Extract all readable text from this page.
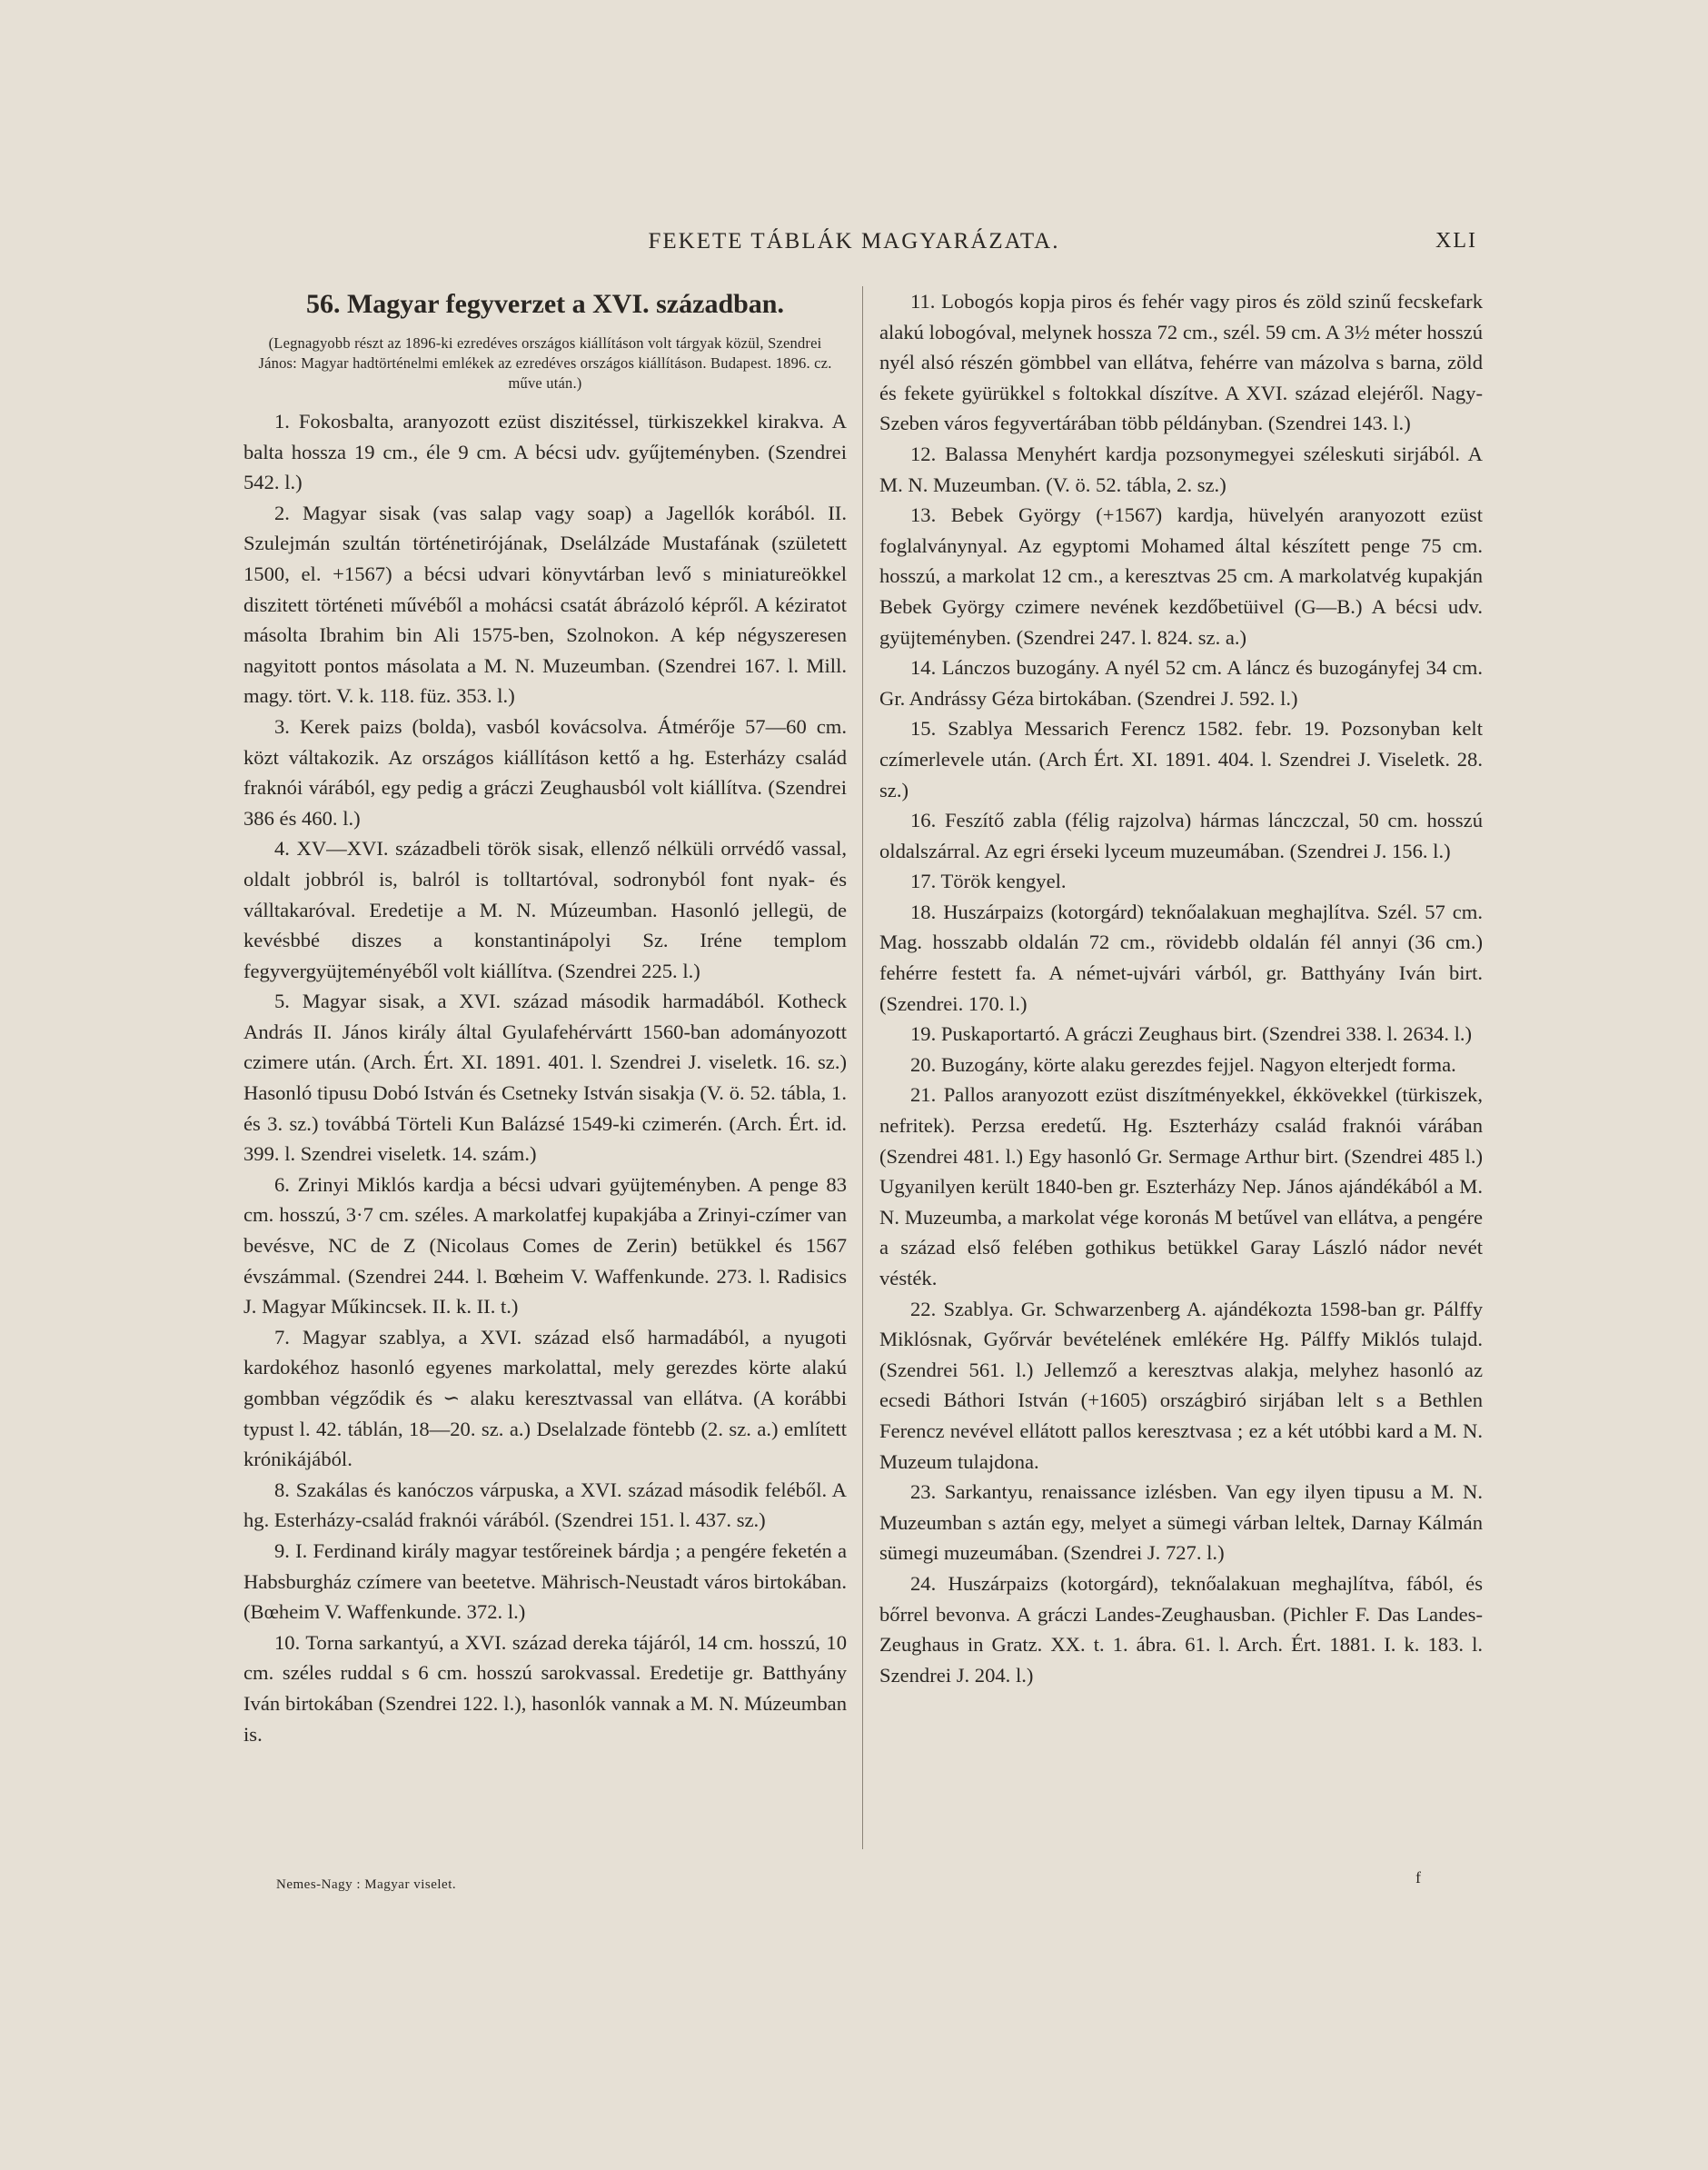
FEKETE TÁBLÁK MAGYARÁZATA.	XLI
56. Magyar fegyverzet a XVI. században.
(Legnagyobb részt az 1896-ki ezredéves országos kiállításon volt tárgyak közül, Szendrei János: Magyar hadtörténelmi emlékek az ezredéves országos kiállításon. Budapest. 1896. cz. műve után.)

1. Fokosbalta, aranyozott ezüst diszitéssel, türkiszekkel kirakva. A balta hossza 19 cm., éle 9 cm. A bécsi udv. gyűjteményben. (Szendrei 542. l.)

2. Magyar sisak (vas salap vagy soap) a Jagellók korából. II. Szulejmán szultán történetirójának, Dselálzáde Mustafának (született 1500, el. +1567) a bécsi udvari könyvtárban levő s miniatureökkel diszitett történeti művéből a mohácsi csatát ábrázoló képről. A kéziratot másolta Ibrahim bin Ali 1575-ben, Szolnokon. A kép négyszeresen nagyitott pontos másolata a M. N. Muzeumban. (Szendrei 167. l. Mill. magy. tört. V. k. 118. füz. 353. l.)

3. Kerek paizs (bolda), vasból kovácsolva. Átmérője 57—60 cm. közt váltakozik. Az országos kiállításon kettő a hg. Esterházy család fraknói várából, egy pedig a gráczi Zeughausból volt kiállítva. (Szendrei 386 és 460. l.)

4. XV—XVI. századbeli török sisak, ellenző nélküli orrvédő vassal, oldalt jobbról is, balról is tolltartóval, sodronyból font nyak- és válltakaróval. Eredetije a M. N. Múzeumban. Hasonló jellegü, de kevésbbé diszes a konstantinápolyi Sz. Iréne templom fegyvergyüjteményéből volt kiállítva. (Szendrei 225. l.)

5. Magyar sisak, a XVI. század második harmadából. Kotheck András II. János király által Gyulafehérvártt 1560-ban adományozott czimere után. (Arch. Ért. XI. 1891. 401. l. Szendrei J. viseletk. 16. sz.) Hasonló tipusu Dobó István és Csetneky István sisakja (V. ö. 52. tábla, 1. és 3. sz.) továbbá Törteli Kun Balázsé 1549-ki czimerén. (Arch. Ért. id. 399. l. Szendrei viseletk. 14. szám.)

6. Zrinyi Miklós kardja a bécsi udvari gyüjteményben. A penge 83 cm. hosszú, 3·7 cm. széles. A markolatfej kupakjába a Zrinyi-czímer van bevésve, NC de Z (Nicolaus Comes de Zerin) betükkel és 1567 évszámmal. (Szendrei 244. l. Bœheim V. Waffenkunde. 273. l. Radisics J. Magyar Műkincsek. II. k. II. t.)

7. Magyar szablya, a XVI. század első harmadából, a nyugoti kardokéhoz hasonló egyenes markolattal, mely gerezdes körte alakú gombban végződik és ∽ alaku keresztvassal van ellátva. (A korábbi typust l. 42. táblán, 18—20. sz. a.) Dselalzade föntebb (2. sz. a.) említett krónikájából.

8. Szakálas és kanóczos várpuska, a XVI. század második feléből. A hg. Esterházy-család fraknói várából. (Szendrei 151. l. 437. sz.)

9. I. Ferdinand király magyar testőreinek bárdja ; a pengére feketén a Habsburgház czímere van beetetve. Mährisch-Neustadt város birtokában. (Bœheim V. Waffenkunde. 372. l.)

10. Torna sarkantyú, a XVI. század dereka tájáról, 14 cm. hosszú, 10 cm. széles ruddal s 6 cm. hosszú sarokvassal. Eredetije gr. Batthyány Iván birtokában (Szendrei 122. l.), hasonlók vannak a M. N. Múzeumban is.

11. Lobogós kopja piros és fehér vagy piros és zöld szinű fecskefark alakú lobogóval, melynek hossza 72 cm., szél. 59 cm. A 3½ méter hosszú nyél alsó részén gömbbel van ellátva, fehérre van mázolva s barna, zöld és fekete gyürükkel s foltokkal díszítve. A XVI. század elejéről. Nagy-Szeben város fegyvertárában több példányban. (Szendrei 143. l.)

12. Balassa Menyhért kardja pozsonymegyei széleskuti sirjából. A M. N. Muzeumban. (V. ö. 52. tábla, 2. sz.)

13. Bebek György (+1567) kardja, hüvelyén aranyozott ezüst foglalványnyal. Az egyptomi Mohamed által készített penge 75 cm. hosszú, a markolat 12 cm., a keresztvas 25 cm. A markolatvég kupakján Bebek György czimere nevének kezdőbetüivel (G—B.) A bécsi udv. gyüjteményben. (Szendrei 247. l. 824. sz. a.)

14. Lánczos buzogány. A nyél 52 cm. A láncz és buzogányfej 34 cm. Gr. Andrássy Géza birtokában. (Szendrei J. 592. l.)

15. Szablya Messarich Ferencz 1582. febr. 19. Pozsonyban kelt czímerlevele után. (Arch Ért. XI. 1891. 404. l. Szendrei J. Viseletk. 28. sz.)

16. Feszítő zabla (félig rajzolva) hármas lánczczal, 50 cm. hosszú oldalszárral. Az egri érseki lyceum muzeumában. (Szendrei J. 156. l.)

17. Török kengyel.

18. Huszárpaizs (kotorgárd) teknőalakuan meghajlítva. Szél. 57 cm. Mag. hosszabb oldalán 72 cm., rövidebb oldalán fél annyi (36 cm.) fehérre festett fa. A német-ujvári várból, gr. Batthyány Iván birt. (Szendrei. 170. l.)

19. Puskaportartó. A gráczi Zeughaus birt. (Szendrei 338. l. 2634. l.)

20. Buzogány, körte alaku gerezdes fejjel. Nagyon elterjedt forma.

21. Pallos aranyozott ezüst diszítményekkel, ékkövekkel (türkiszek, nefritek). Perzsa eredetű. Hg. Eszterházy család fraknói várában (Szendrei 481. l.) Egy hasonló Gr. Sermage Arthur birt. (Szendrei 485 l.) Ugyanilyen került 1840-ben gr. Eszterházy Nep. János ajándékából a M. N. Muzeumba, a markolat vége koronás M betűvel van ellátva, a pengére a század első felében gothikus betükkel Garay László nádor nevét vésték.

22. Szablya. Gr. Schwarzenberg A. ajándékozta 1598-ban gr. Pálffy Miklósnak, Győrvár bevételének emlékére Hg. Pálffy Miklós tulajd. (Szendrei 561. l.) Jellemző a keresztvas alakja, melyhez hasonló az ecsedi Báthori István (+1605) országbiró sirjában lelt s a Bethlen Ferencz nevével ellátott pallos keresztvasa ; ez a két utóbbi kard a M. N. Muzeum tulajdona.

23. Sarkantyu, renaissance izlésben. Van egy ilyen tipusu a M. N. Muzeumban s aztán egy, melyet a sümegi várban leltek, Darnay Kálmán sümegi muzeumában. (Szendrei J. 727. l.)

24. Huszárpaizs (kotorgárd), teknőalakuan meghajlítva, fából, és bőrrel bevonva. A gráczi Landes-Zeughausban. (Pichler F. Das Landes-Zeughaus in Gratz. XX. t. 1. ábra. 61. l. Arch. Ért. 1881. I. k. 183. l. Szendrei J. 204. l.)

Nemes-Nagy : Magyar viselet.	f
